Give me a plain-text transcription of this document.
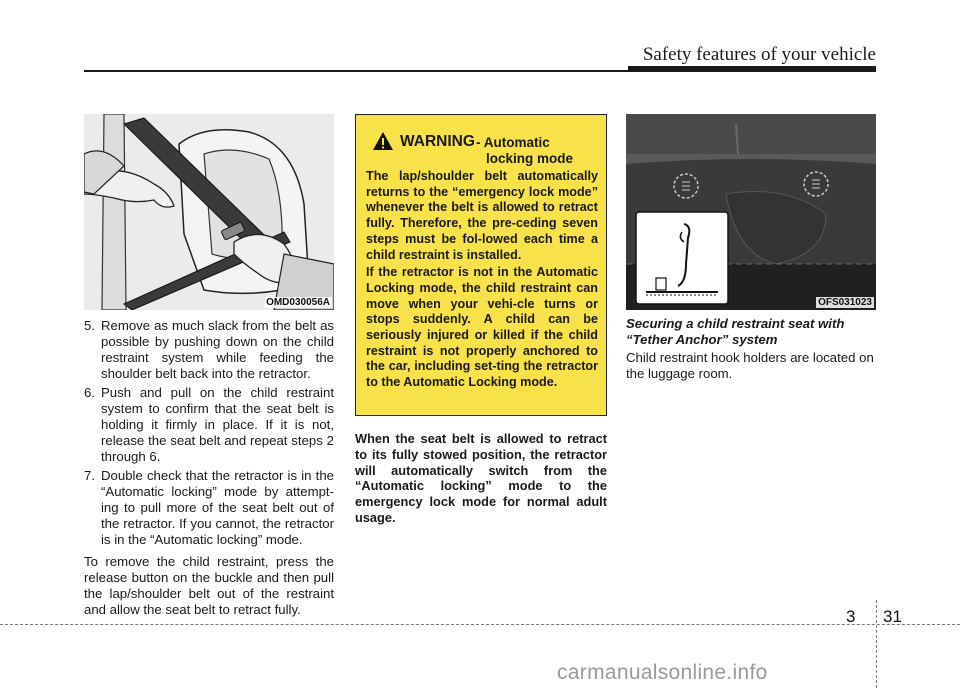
Safety features of your vehicle
OMD030056A
5. Remove as much slack from the belt as possible by pushing down on the child restraint system while feeding the shoulder belt back into the retractor.
6. Push and pull on the child restraint system to confirm that the seat belt is holding it firmly in place. If it is not, release the seat belt and repeat steps 2 through 6.
7. Double check that the retractor is in the “Automatic locking” mode by attempt-ing to pull more of the seat belt out of the retractor. If you cannot, the retractor is in the “Automatic locking” mode.

To remove the child restraint, press the release button on the buckle and then pull the lap/shoulder belt out of the restraint and allow the seat belt to retract fully.

WARNING - Automatic
locking mode

The lap/shoulder belt automatically returns to the “emergency lock mode” whenever the belt is allowed to retract fully. Therefore, the pre-ceding seven steps must be fol-lowed each time a child restraint is installed.

If the retractor is not in the Automatic Locking mode, the child restraint can move when your vehi-cle turns or stops suddenly. A child can be seriously injured or killed if the child restraint is not properly anchored to the car, including set-ting the retractor to the Automatic Locking mode.

When the seat belt is allowed to retract to its fully stowed position, the retractor will automatically switch from the “Automatic locking” mode to the emergency lock mode for normal adult usage.

OFS031023
Securing a child restraint seat with
“Tether Anchor” system

Child restraint hook holders are located on the luggage room.

3 31
carmanualsonline.info
